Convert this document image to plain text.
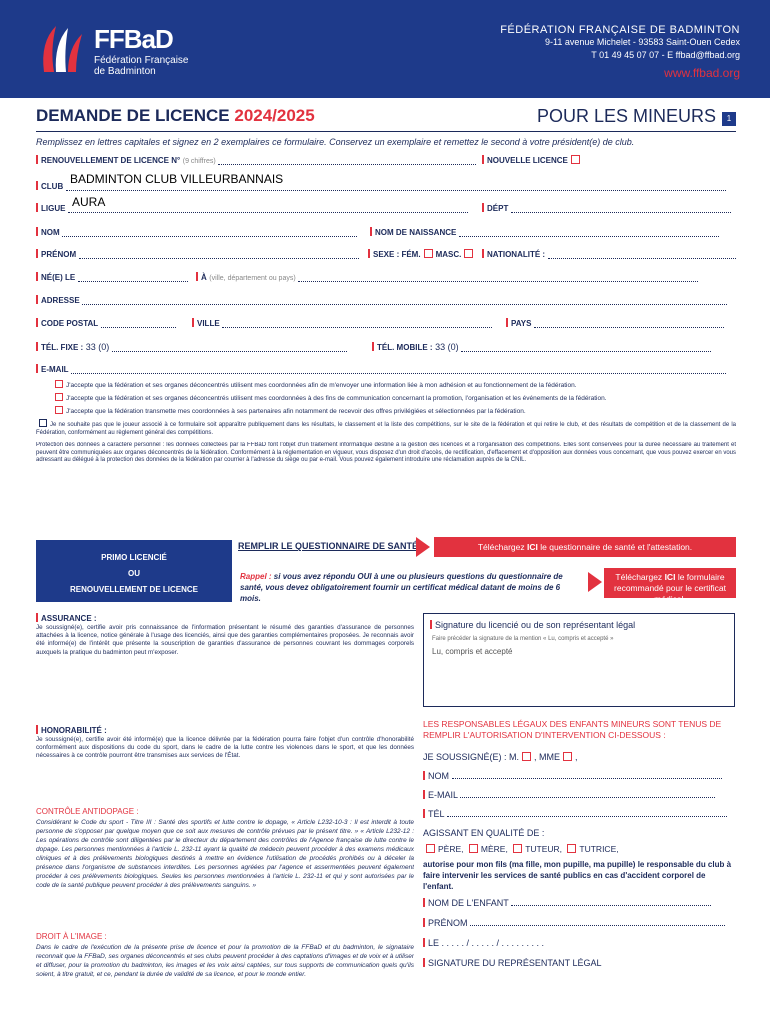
FFBaD
Fédération Française
de Badminton
FÉDÉRATION FRANÇAISE DE BADMINTON
9-11 avenue Michelet - 93583 Saint-Ouen Cedex
T 01 49 45 07 07 - E ffbad@ffbad.org
www.ffbad.org
DEMANDE DE LICENCE 2024/2025	POUR LES MINEURS	1
Remplissez en lettres capitales et signez en 2 exemplaires ce formulaire. Conservez un exemplaire et remettez le second à votre président(e) de club.
RENOUVELLEMENT DE LICENCE N° (9 chiffres)	NOUVELLE LICENCE
CLUB
BADMINTON CLUB VILLEURBANNAIS
LIGUE AURA	DÉPT
NOM	NOM DE NAISSANCE
PRÉNOM	SEXE : FÉM. MASC.	NATIONALITÉ :
NÉ(E) LE	À (ville, département ou pays)
ADRESSE
CODE POSTAL	VILLE	PAYS
TÉL. FIXE : 33 (0)	TÉL. MOBILE : 33 (0)
E-MAIL
J'accepte que la fédération et ses organes déconcentrés utilisent mes coordonnées afin de m'envoyer une information liée à mon adhésion et au fonctionnement de la fédération.
J'accepte que la fédération et ses organes déconcentrés utilisent mes coordonnées à des fins de communication concernant la promotion, l'organisation et les événements de la fédération.
J'accepte que la fédération transmette mes coordonnées à ses partenaires afin notamment de recevoir des offres privilégiées et sélectionnées par la fédération.
Je ne souhaite pas que le joueur associé à ce formulaire soit apparaître publiquement dans les résultats, le classement et la liste des compétitions, sur le site de la fédération et qui retire le club, et des résultats de compétition et de la classement de la Fédération, conformément au règlement général des compétitions.
Protection des données à caractère personnel : les données collectées par la FFBaD font l'objet d'un traitement informatique destiné à la gestion des licences et à l'organisation des compétitions. Elles sont conservées pour la durée nécessaire au traitement et peuvent être communiquées aux organes déconcentrés de la fédération. Conformément à la réglementation en vigueur, vous disposez d'un droit d'accès, de rectification, d'effacement et d'opposition aux données vous concernant, que vous pouvez exercer en vous adressant au délégué à la protection des données de la fédération par courrier à l'adresse du siège ou par e-mail. Vous pouvez également introduire une réclamation auprès de la CNIL.
PRIMO LICENCIÉ
OU
RENOUVELLEMENT DE LICENCE
REMPLIR LE QUESTIONNAIRE DE SANTÉ	Téléchargez ICI le questionnaire de santé et l'attestation.
Rappel : si vous avez répondu OUI à une ou plusieurs questions du questionnaire de santé, vous devez obligatoirement fournir un certificat médical datant de moins de 6 mois.
Téléchargez ICI le formulaire recommandé pour le certificat médical.
ASSURANCE :
Je soussigné(e), certifie avoir pris connaissance de l'information présentant le résumé des garanties d'assurance de personnes attachées à la licence, notice générale à l'usage des licenciés, ainsi que des garanties complémentaires proposées. Je reconnais avoir été informé(e) de l'intérêt que présente la souscription de garanties d'assurance de personnes couvrant les dommages corporels auxquels la pratique du badminton peut m'exposer.
HONORABILITÉ :
Je soussigné(e), certifie avoir été informé(e) que la licence délivrée par la fédération pourra faire l'objet d'un contrôle d'honorabilité conformément aux dispositions du code du sport, dans le cadre de la lutte contre les violences dans le sport, et que les données nécessaires à ce contrôle pourront être transmises aux services de l'État.
CONTRÔLE ANTIDOPAGE :
Considérant le Code du sport - Titre III : Santé des sportifs et lutte contre le dopage, « Article L232-10-3 : Il est interdit à toute personne de s'opposer par quelque moyen que ce soit aux mesures de contrôle prévues par le présent titre. » « Article L232-12 : Les opérations de contrôle sont diligentées par le directeur du département des contrôles de l'Agence française de lutte contre le dopage. Les personnes mentionnées à l'article L. 232-11 ayant la qualité de médecin peuvent procéder à des examens médicaux cliniques et à des prélèvements biologiques destinés à mettre en évidence l'utilisation de procédés prohibés ou à déceler la présence dans l'organisme de substances interdites. Les personnes agréées par l'agence et assermentées peuvent également procéder à ces prélèvements biologiques. Seules les personnes mentionnées à l'article L. 232-11 et qui y sont autorisées par le code de la santé publique peuvent procéder à des prélèvements sanguins. »
DROIT À L'IMAGE :
Dans le cadre de l'exécution de la présente prise de licence et pour la promotion de la FFBaD et du badminton, le signataire reconnait que la FFBaD, ses organes déconcentrés et ses clubs peuvent procéder à des captations d'images et de voix et à utiliser et diffuser, pour la promotion du badminton, les images et les voix ainsi captées, sur tous supports de communication quels qu'ils soient, à titre gratuit, et ce, pendant la durée de validité de sa licence, et pour le monde entier.
Signature du licencié ou de son représentant légal
Faire précéder la signature de la mention « Lu, compris et accepté »
Lu, compris et accepté
LES RESPONSABLES LÉGAUX DES ENFANTS MINEURS SONT TENUS DE REMPLIR L'AUTORISATION D'INTERVENTION CI-DESSOUS :
JE SOUSSIGNÉ(E) : M. , MME ,
NOM
E-MAIL
TÉL
AGISSANT EN QUALITÉ DE :
PÈRE, MÈRE, TUTEUR, TUTRICE,
autorise pour mon fils (ma fille, mon pupille, ma pupille) le responsable du club à faire intervenir les services de santé publics en cas d'accident corporel de l'enfant.
NOM DE L'ENFANT
PRÉNOM
LE . . . . . / . . . . . / . . . . . . . . .
SIGNATURE DU REPRÉSENTANT LÉGAL
